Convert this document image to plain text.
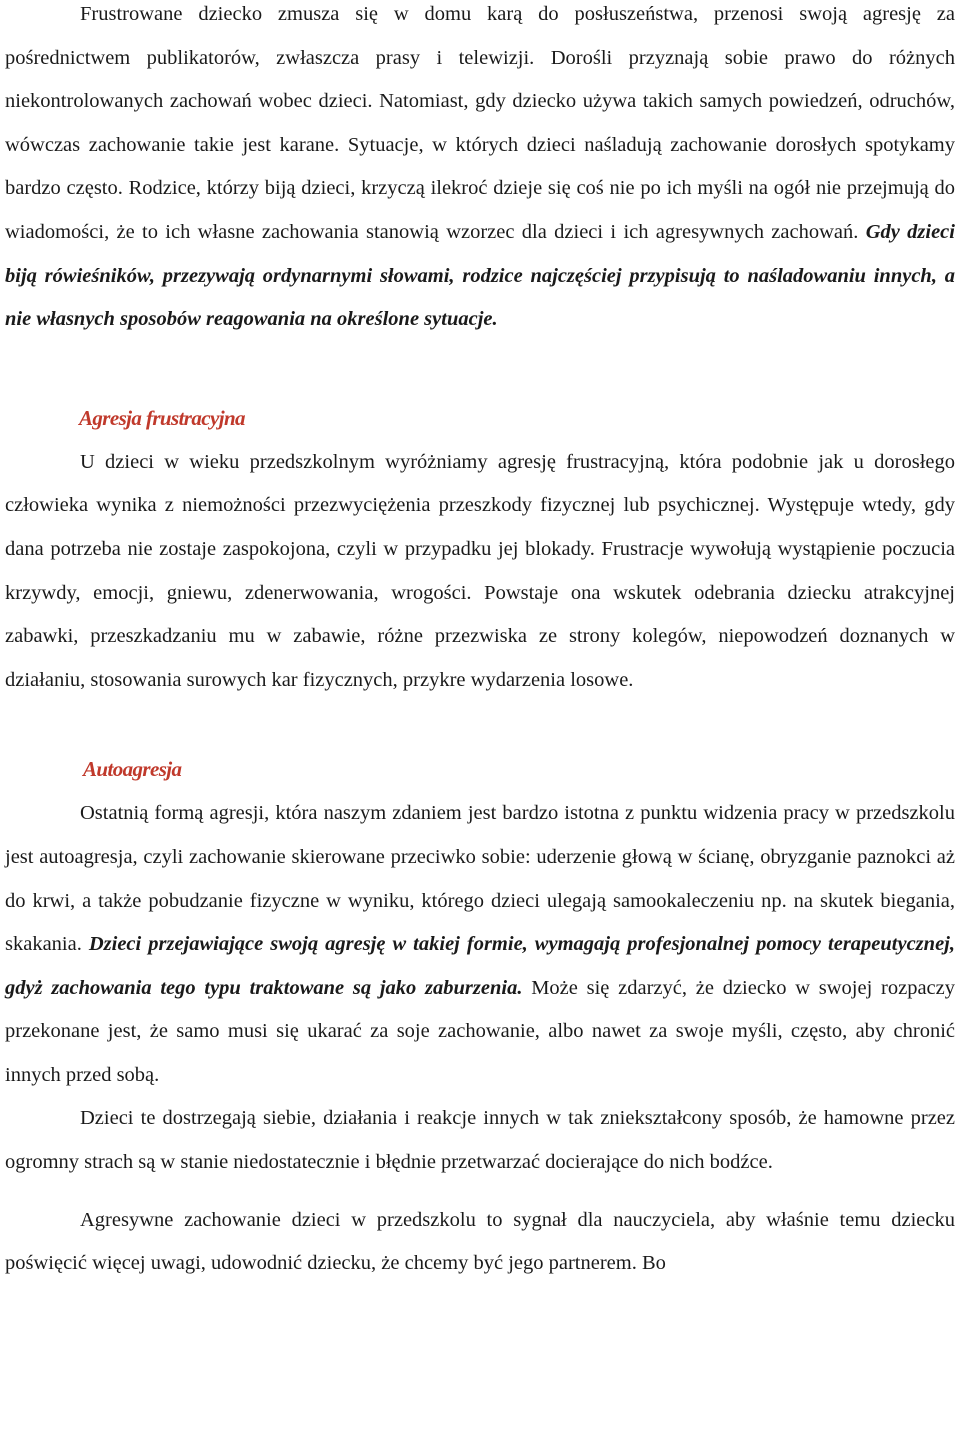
Frustrowane dziecko zmusza się w domu karą do posłuszeństwa, przenosi swoją agresję za pośrednictwem publikatorów, zwłaszcza prasy i telewizji. Dorośli przyznają sobie prawo do różnych niekontrolowanych zachowań wobec dzieci. Natomiast, gdy dziecko używa takich samych powiedzeń, odruchów, wówczas zachowanie takie jest karane. Sytuacje, w których dzieci naśladują zachowanie dorosłych spotykamy bardzo często. Rodzice, którzy biją dzieci, krzyczą ilekroć dzieje się coś nie po ich myśli na ogół nie przejmują do wiadomości, że to ich własne zachowania stanowią wzorzec dla dzieci i ich agresywnych zachowań. Gdy dzieci biją rówieśników, przezywają ordynarnymi słowami, rodzice najczęściej przypisują to naśladowaniu innych, a nie własnych sposobów reagowania na określone sytuacje.

Agresja frustracyjna

U dzieci w wieku przedszkolnym wyróżniamy agresję frustracyjną, która podobnie jak u dorosłego człowieka wynika z niemożności przezwyciężenia przeszkody fizycznej lub psychicznej. Występuje wtedy, gdy dana potrzeba nie zostaje zaspokojona, czyli w przypadku jej blokady. Frustracje wywołują wystąpienie poczucia krzywdy, emocji, gniewu, zdenerwowania, wrogości. Powstaje ona wskutek odebrania dziecku atrakcyjnej zabawki, przeszkadzaniu mu w zabawie, różne przezwiska ze strony kolegów, niepowodzeń doznanych w działaniu, stosowania surowych kar fizycznych, przykre wydarzenia losowe.

Autoagresja

Ostatnią formą agresji, która naszym zdaniem jest bardzo istotna z punktu widzenia pracy w przedszkolu jest autoagresja, czyli zachowanie skierowane przeciwko sobie: uderzenie głową w ścianę, obryzganie paznokci aż do krwi, a także pobudzanie fizyczne w wyniku, którego dzieci ulegają samookaleczeniu np. na skutek biegania, skakania. Dzieci przejawiające swoją agresję w takiej formie, wymagają profesjonalnej pomocy terapeutycznej, gdyż zachowania tego typu traktowane są jako zaburzenia. Może się zdarzyć, że dziecko w swojej rozpaczy przekonane jest, że samo musi się ukarać za soje zachowanie, albo nawet za swoje myśli, często, aby chronić innych przed sobą.

Dzieci te dostrzegają siebie, działania i reakcje innych w tak zniekształcony sposób, że hamowne przez ogromny strach są w stanie niedostatecznie i błędnie przetwarzać docierające do nich bodźce.

Agresywne zachowanie dzieci w przedszkolu to sygnał dla nauczyciela, aby właśnie temu dziecku poświęcić więcej uwagi, udowodnić dziecku, że chcemy być jego partnerem. Bo
